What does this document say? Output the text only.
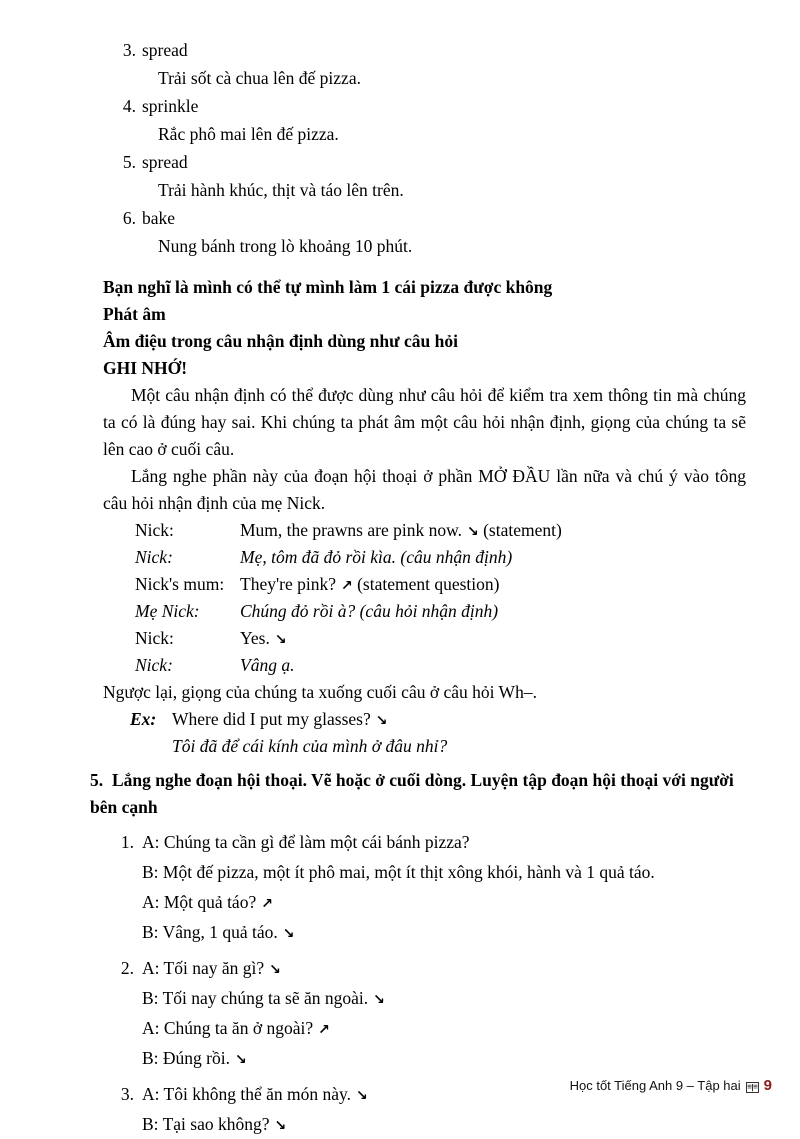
3. spread
Trải sốt cà chua lên đế pizza.
4. sprinkle
Rắc phô mai lên đế pizza.
5. spread
Trải hành khúc, thịt và táo lên trên.
6. bake
Nung bánh trong lò khoảng 10 phút.
Bạn nghĩ là mình có thể tự mình làm 1 cái pizza được không
Phát âm
Âm điệu trong câu nhận định dùng như câu hỏi
GHI NHỚ!

Một câu nhận định có thể được dùng như câu hỏi để kiểm tra xem thông tin mà chúng ta có là đúng hay sai. Khi chúng ta phát âm một câu hỏi nhận định, giọng của chúng ta sẽ lên cao ở cuối câu.

Lắng nghe phần này của đoạn hội thoại ở phần MỞ ĐẦU lần nữa và chú ý vào tông câu hỏi nhận định của mẹ Nick.

Nick:	Mum, the prawns are pink now. ↘ (statement)
Nick:	Mẹ, tôm đã đỏ rồi kìa. (câu nhận định)
Nick's mum: They're pink? ↗ (statement question)
Mẹ Nick:	Chúng đỏ rồi à? (câu hỏi nhận định)
Nick:	Yes. ↘
Nick:	Vâng ạ.

Ngược lại, giọng của chúng ta xuống cuối câu ở câu hỏi Wh–.

Ex: Where did I put my glasses? ↘
Tôi đã để cái kính của mình ở đâu nhỉ?
5. Lắng nghe đoạn hội thoại. Vẽ hoặc ở cuối dòng. Luyện tập đoạn hội thoại với người bên cạnh
1. A: Chúng ta cần gì để làm một cái bánh pizza?
B: Một đế pizza, một ít phô mai, một ít thịt xông khói, hành và 1 quả táo.
A: Một quả táo? ↗
B: Vâng, 1 quả táo. ↘
2. A: Tối nay ăn gì? ↘
B: Tối nay chúng ta sẽ ăn ngoài. ↘
A: Chúng ta ăn ở ngoài? ↗
B: Đúng rồi. ↘
3. A: Tôi không thể ăn món này. ↘
B: Tại sao không? ↘
Học tốt Tiếng Anh 9 – Tập hai 9
